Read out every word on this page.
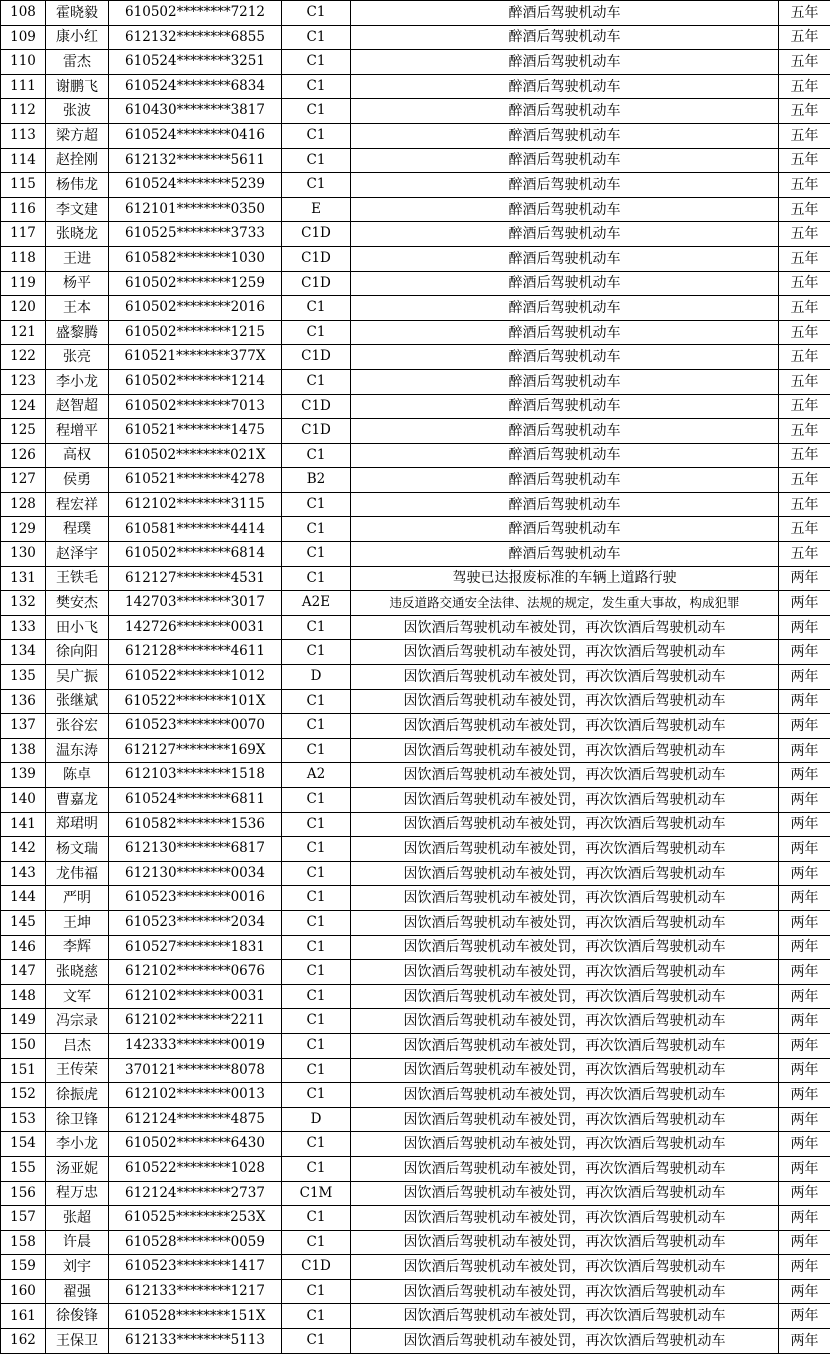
108	霍晓毅	610502********7212	C1	醉酒后驾驶机动车	五年
109	康小红	612132********6855	C1	醉酒后驾驶机动车	五年
110	雷杰	610524********3251	C1	醉酒后驾驶机动车	五年
111	谢鹏飞	610524********6834	C1	醉酒后驾驶机动车	五年
112	张波	610430********3817	C1	醉酒后驾驶机动车	五年
113	梁方超	610524********0416	C1	醉酒后驾驶机动车	五年
114	赵拴刚	612132********5611	C1	醉酒后驾驶机动车	五年
115	杨伟龙	610524********5239	C1	醉酒后驾驶机动车	五年
116	李文建	612101********0350	E	醉酒后驾驶机动车	五年
117	张晓龙	610525********3733	C1D	醉酒后驾驶机动车	五年
118	王进	610582********1030	C1D	醉酒后驾驶机动车	五年
119	杨平	610502********1259	C1D	醉酒后驾驶机动车	五年
120	王本	610502********2016	C1	醉酒后驾驶机动车	五年
121	盛黎腾	610502********1215	C1	醉酒后驾驶机动车	五年
122	张亮	610521********377X	C1D	醉酒后驾驶机动车	五年
123	李小龙	610502********1214	C1	醉酒后驾驶机动车	五年
124	赵智超	610502********7013	C1D	醉酒后驾驶机动车	五年
125	程增平	610521********1475	C1D	醉酒后驾驶机动车	五年
126	高权	610502********021X	C1	醉酒后驾驶机动车	五年
127	侯勇	610521********4278	B2	醉酒后驾驶机动车	五年
128	程宏祥	612102********3115	C1	醉酒后驾驶机动车	五年
129	程璞	610581********4414	C1	醉酒后驾驶机动车	五年
130	赵泽宇	610502********6814	C1	醉酒后驾驶机动车	五年
131	王铁毛	612127********4531	C1	驾驶已达报废标准的车辆上道路行驶	两年
132	樊安杰	142703********3017	A2E	违反道路交通安全法律、法规的规定，发生重大事故，构成犯罪	两年
133	田小飞	142726********0031	C1	因饮酒后驾驶机动车被处罚，再次饮酒后驾驶机动车	两年
134	徐向阳	612128********4611	C1	因饮酒后驾驶机动车被处罚，再次饮酒后驾驶机动车	两年
135	吴广振	610522********1012	D	因饮酒后驾驶机动车被处罚，再次饮酒后驾驶机动车	两年
136	张继斌	610522********101X	C1	因饮酒后驾驶机动车被处罚，再次饮酒后驾驶机动车	两年
137	张谷宏	610523********0070	C1	因饮酒后驾驶机动车被处罚，再次饮酒后驾驶机动车	两年
138	温东涛	612127********169X	C1	因饮酒后驾驶机动车被处罚，再次饮酒后驾驶机动车	两年
139	陈卓	612103********1518	A2	因饮酒后驾驶机动车被处罚，再次饮酒后驾驶机动车	两年
140	曹嘉龙	610524********6811	C1	因饮酒后驾驶机动车被处罚，再次饮酒后驾驶机动车	两年
141	郑珺明	610582********1536	C1	因饮酒后驾驶机动车被处罚，再次饮酒后驾驶机动车	两年
142	杨文瑞	612130********6817	C1	因饮酒后驾驶机动车被处罚，再次饮酒后驾驶机动车	两年
143	龙伟福	612130********0034	C1	因饮酒后驾驶机动车被处罚，再次饮酒后驾驶机动车	两年
144	严明	610523********0016	C1	因饮酒后驾驶机动车被处罚，再次饮酒后驾驶机动车	两年
145	王坤	610523********2034	C1	因饮酒后驾驶机动车被处罚，再次饮酒后驾驶机动车	两年
146	李辉	610527********1831	C1	因饮酒后驾驶机动车被处罚，再次饮酒后驾驶机动车	两年
147	张晓慈	612102********0676	C1	因饮酒后驾驶机动车被处罚，再次饮酒后驾驶机动车	两年
148	文军	612102********0031	C1	因饮酒后驾驶机动车被处罚，再次饮酒后驾驶机动车	两年
149	冯宗录	612102********2211	C1	因饮酒后驾驶机动车被处罚，再次饮酒后驾驶机动车	两年
150	吕杰	142333********0019	C1	因饮酒后驾驶机动车被处罚，再次饮酒后驾驶机动车	两年
151	王传荣	370121********8078	C1	因饮酒后驾驶机动车被处罚，再次饮酒后驾驶机动车	两年
152	徐振虎	612102********0013	C1	因饮酒后驾驶机动车被处罚，再次饮酒后驾驶机动车	两年
153	徐卫锋	612124********4875	D	因饮酒后驾驶机动车被处罚，再次饮酒后驾驶机动车	两年
154	李小龙	610502********6430	C1	因饮酒后驾驶机动车被处罚，再次饮酒后驾驶机动车	两年
155	汤亚妮	610522********1028	C1	因饮酒后驾驶机动车被处罚，再次饮酒后驾驶机动车	两年
156	程万忠	612124********2737	C1M	因饮酒后驾驶机动车被处罚，再次饮酒后驾驶机动车	两年
157	张超	610525********253X	C1	因饮酒后驾驶机动车被处罚，再次饮酒后驾驶机动车	两年
158	许晨	610528********0059	C1	因饮酒后驾驶机动车被处罚，再次饮酒后驾驶机动车	两年
159	刘宇	610523********1417	C1D	因饮酒后驾驶机动车被处罚，再次饮酒后驾驶机动车	两年
160	翟强	612133********1217	C1	因饮酒后驾驶机动车被处罚，再次饮酒后驾驶机动车	两年
161	徐俊锋	610528********151X	C1	因饮酒后驾驶机动车被处罚，再次饮酒后驾驶机动车	两年
162	王保卫	612133********5113	C1	因饮酒后驾驶机动车被处罚，再次饮酒后驾驶机动车	两年
